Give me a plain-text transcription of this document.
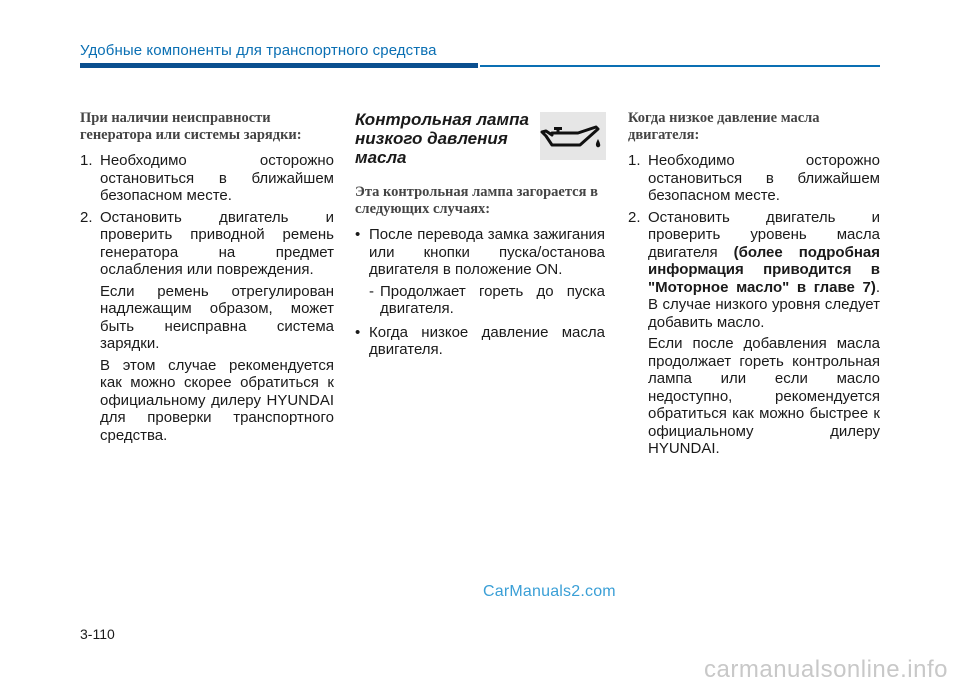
Удобные компоненты для транспортного средства

При наличии неисправности генератора или системы зарядки:

1. Необходимо осторожно остановиться в ближайшем безопасном месте.
2. Остановить двигатель и проверить приводной ремень генератора на предмет ослабления или повреждения.

Если ремень отрегулирован надлежащим образом, может быть неисправна система зарядки.

В этом случае рекомендуется как можно скорее обратиться к официальному дилеру HYUNDAI для проверки транспортного средства.

Контрольная лампа низкого давления масла

Эта контрольная лампа загорается в следующих случаях:

• После перевода замка зажигания или кнопки пуска/останова двигателя в положение ON.
- Продолжает гореть до пуска двигателя.
• Когда низкое давление масла двигателя.

Когда низкое давление масла двигателя:

1. Необходимо осторожно остановиться в ближайшем безопасном месте.
2. Остановить двигатель и проверить уровень масла двигателя (более подробная информация приводится в "Моторное масло" в главе 7). В случае низкого уровня следует добавить масло.

Если после добавления масла продолжает гореть контрольная лампа или если масло недоступно, рекомендуется обратиться как можно быстрее к официальному дилеру HYUNDAI.

CarManuals2.com
3-110
carmanualsonline.info
